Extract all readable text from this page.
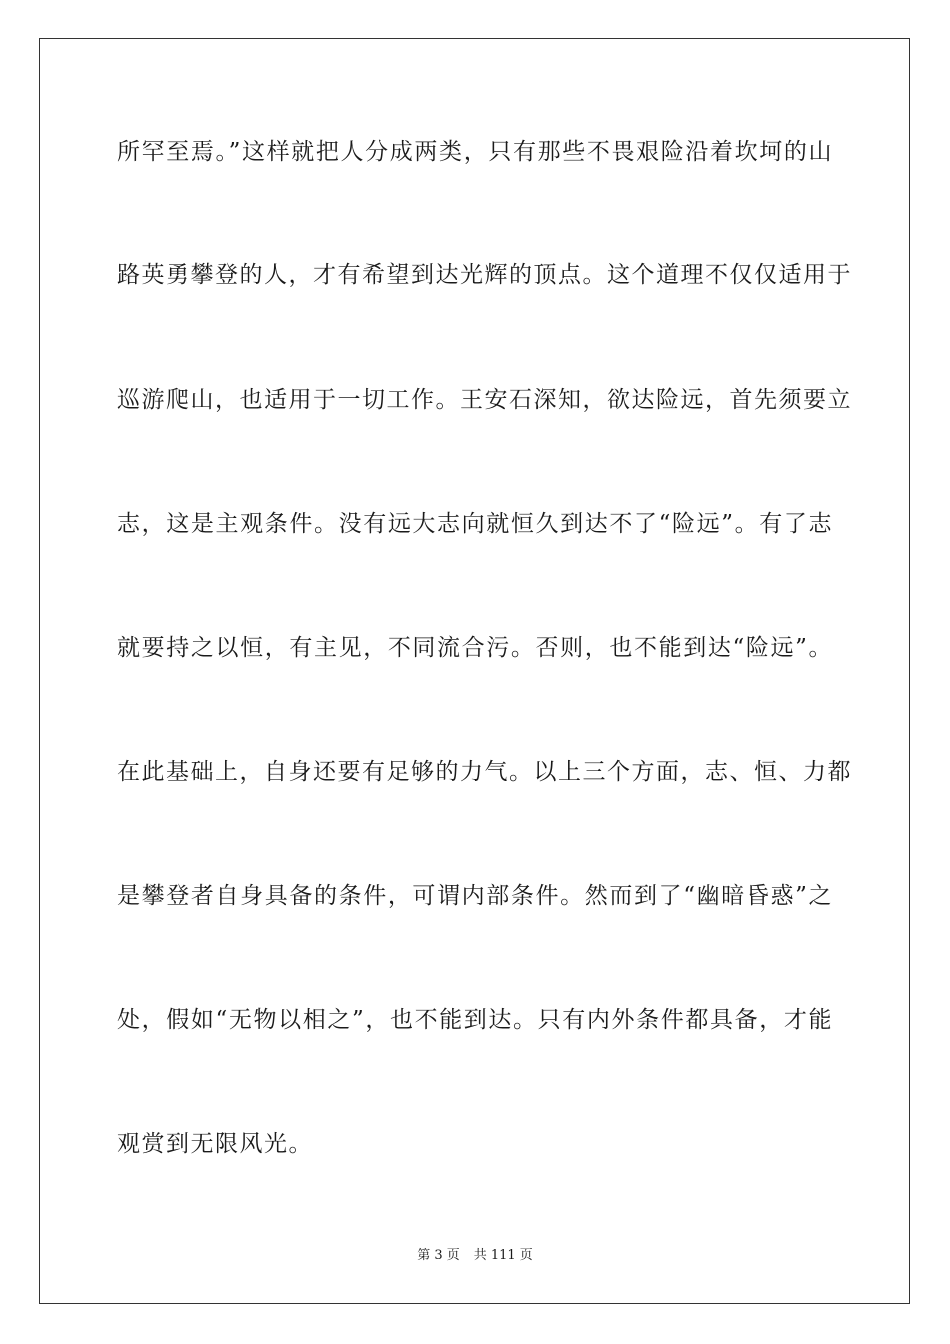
所罕至焉。”这样就把人分成两类，只有那些不畏艰险沿着坎坷的山
路英勇攀登的人，才有希望到达光辉的顶点。这个道理不仅仅适用于
巡游爬山，也适用于一切工作。王安石深知，欲达险远，首先须要立
志，这是主观条件。没有远大志向就恒久到达不了“险远”。有了志
就要持之以恒，有主见，不同流合污。否则，也不能到达“险远”。
在此基础上，自身还要有足够的力气。以上三个方面，志、恒、力都
是攀登者自身具备的条件，可谓内部条件。然而到了“幽暗昏惑”之
处，假如“无物以相之”，也不能到达。只有内外条件都具备，才能
观赏到无限风光。
第 3 页 共 111 页
